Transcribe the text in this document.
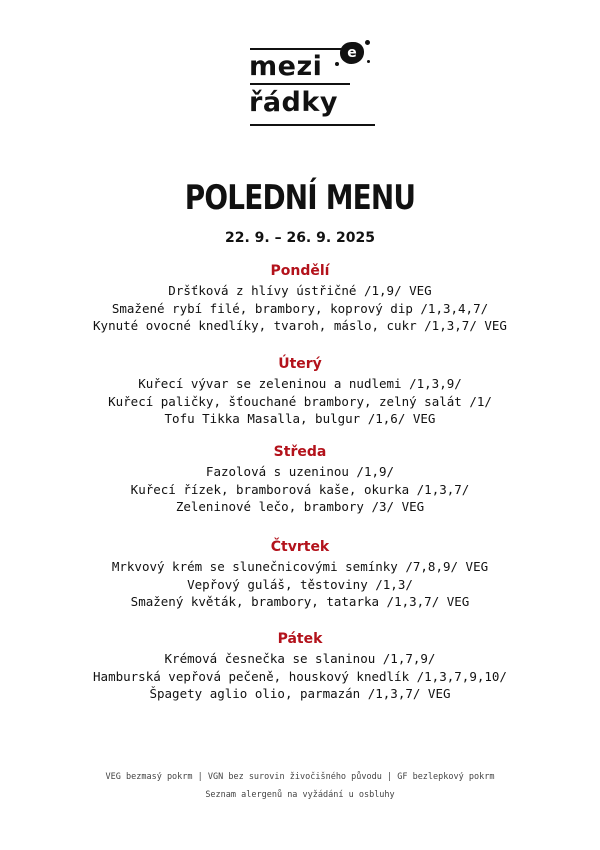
mezi
řádky
e
POLEDNÍ MENU
22. 9. – 26. 9. 2025
Pondělí
Dršťková z hlívy ústřičné /1,9/ VEG
Smažené rybí filé, brambory, koprový dip /1,3,4,7/
Kynuté ovocné knedlíky, tvaroh, máslo, cukr /1,3,7/ VEG
Úterý
Kuřecí vývar se zeleninou a nudlemi /1,3,9/
Kuřecí paličky, šťouchané brambory, zelný salát /1/
Tofu Tikka Masalla, bulgur /1,6/ VEG
Středa
Fazolová s uzeninou /1,9/
Kuřecí řízek, bramborová kaše, okurka /1,3,7/
Zeleninové lečo, brambory /3/ VEG
Čtvrtek
Mrkvový krém se slunečnicovými semínky /7,8,9/ VEG
Vepřový guláš, těstoviny /1,3/
Smažený květák, brambory, tatarka /1,3,7/ VEG
Pátek
Krémová česnečka se slaninou /1,7,9/
Hamburská vepřová pečeně, houskový knedlík /1,3,7,9,10/
Špagety aglio olio, parmazán /1,3,7/ VEG
VEG bezmasý pokrm | VGN bez surovin živočišného původu | GF bezlepkový pokrm
Seznam alergenů na vyžádání u osbluhy
